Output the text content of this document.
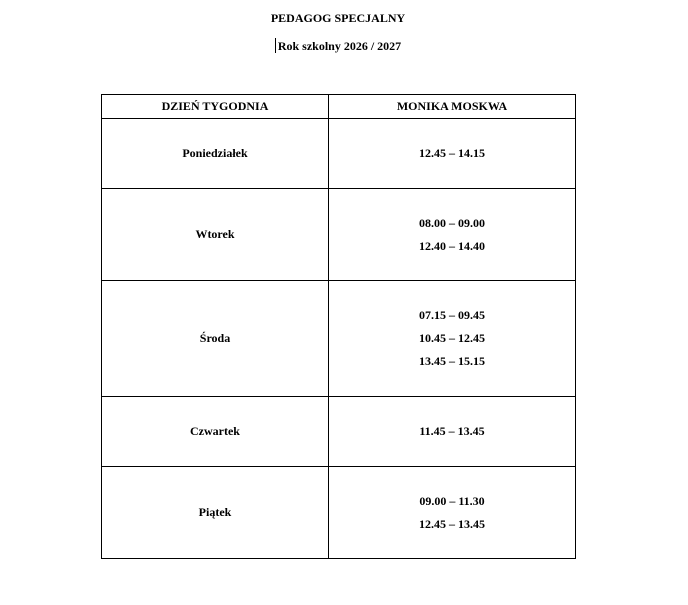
PEDAGOG SPECJALNY
Rok szkolny 2026 / 2027
DZIEŃ TYGODNIA	MONIKA MOSKWA
Poniedziałek	12.45 – 14.15

Wtorek	08.00 – 09.00
12.40 – 14.40

Środa	07.15 – 09.45
10.45 – 12.45
13.45 – 15.15

Czwartek	11.45 – 13.45

Piątek	09.00 – 11.30
12.45 – 13.45
